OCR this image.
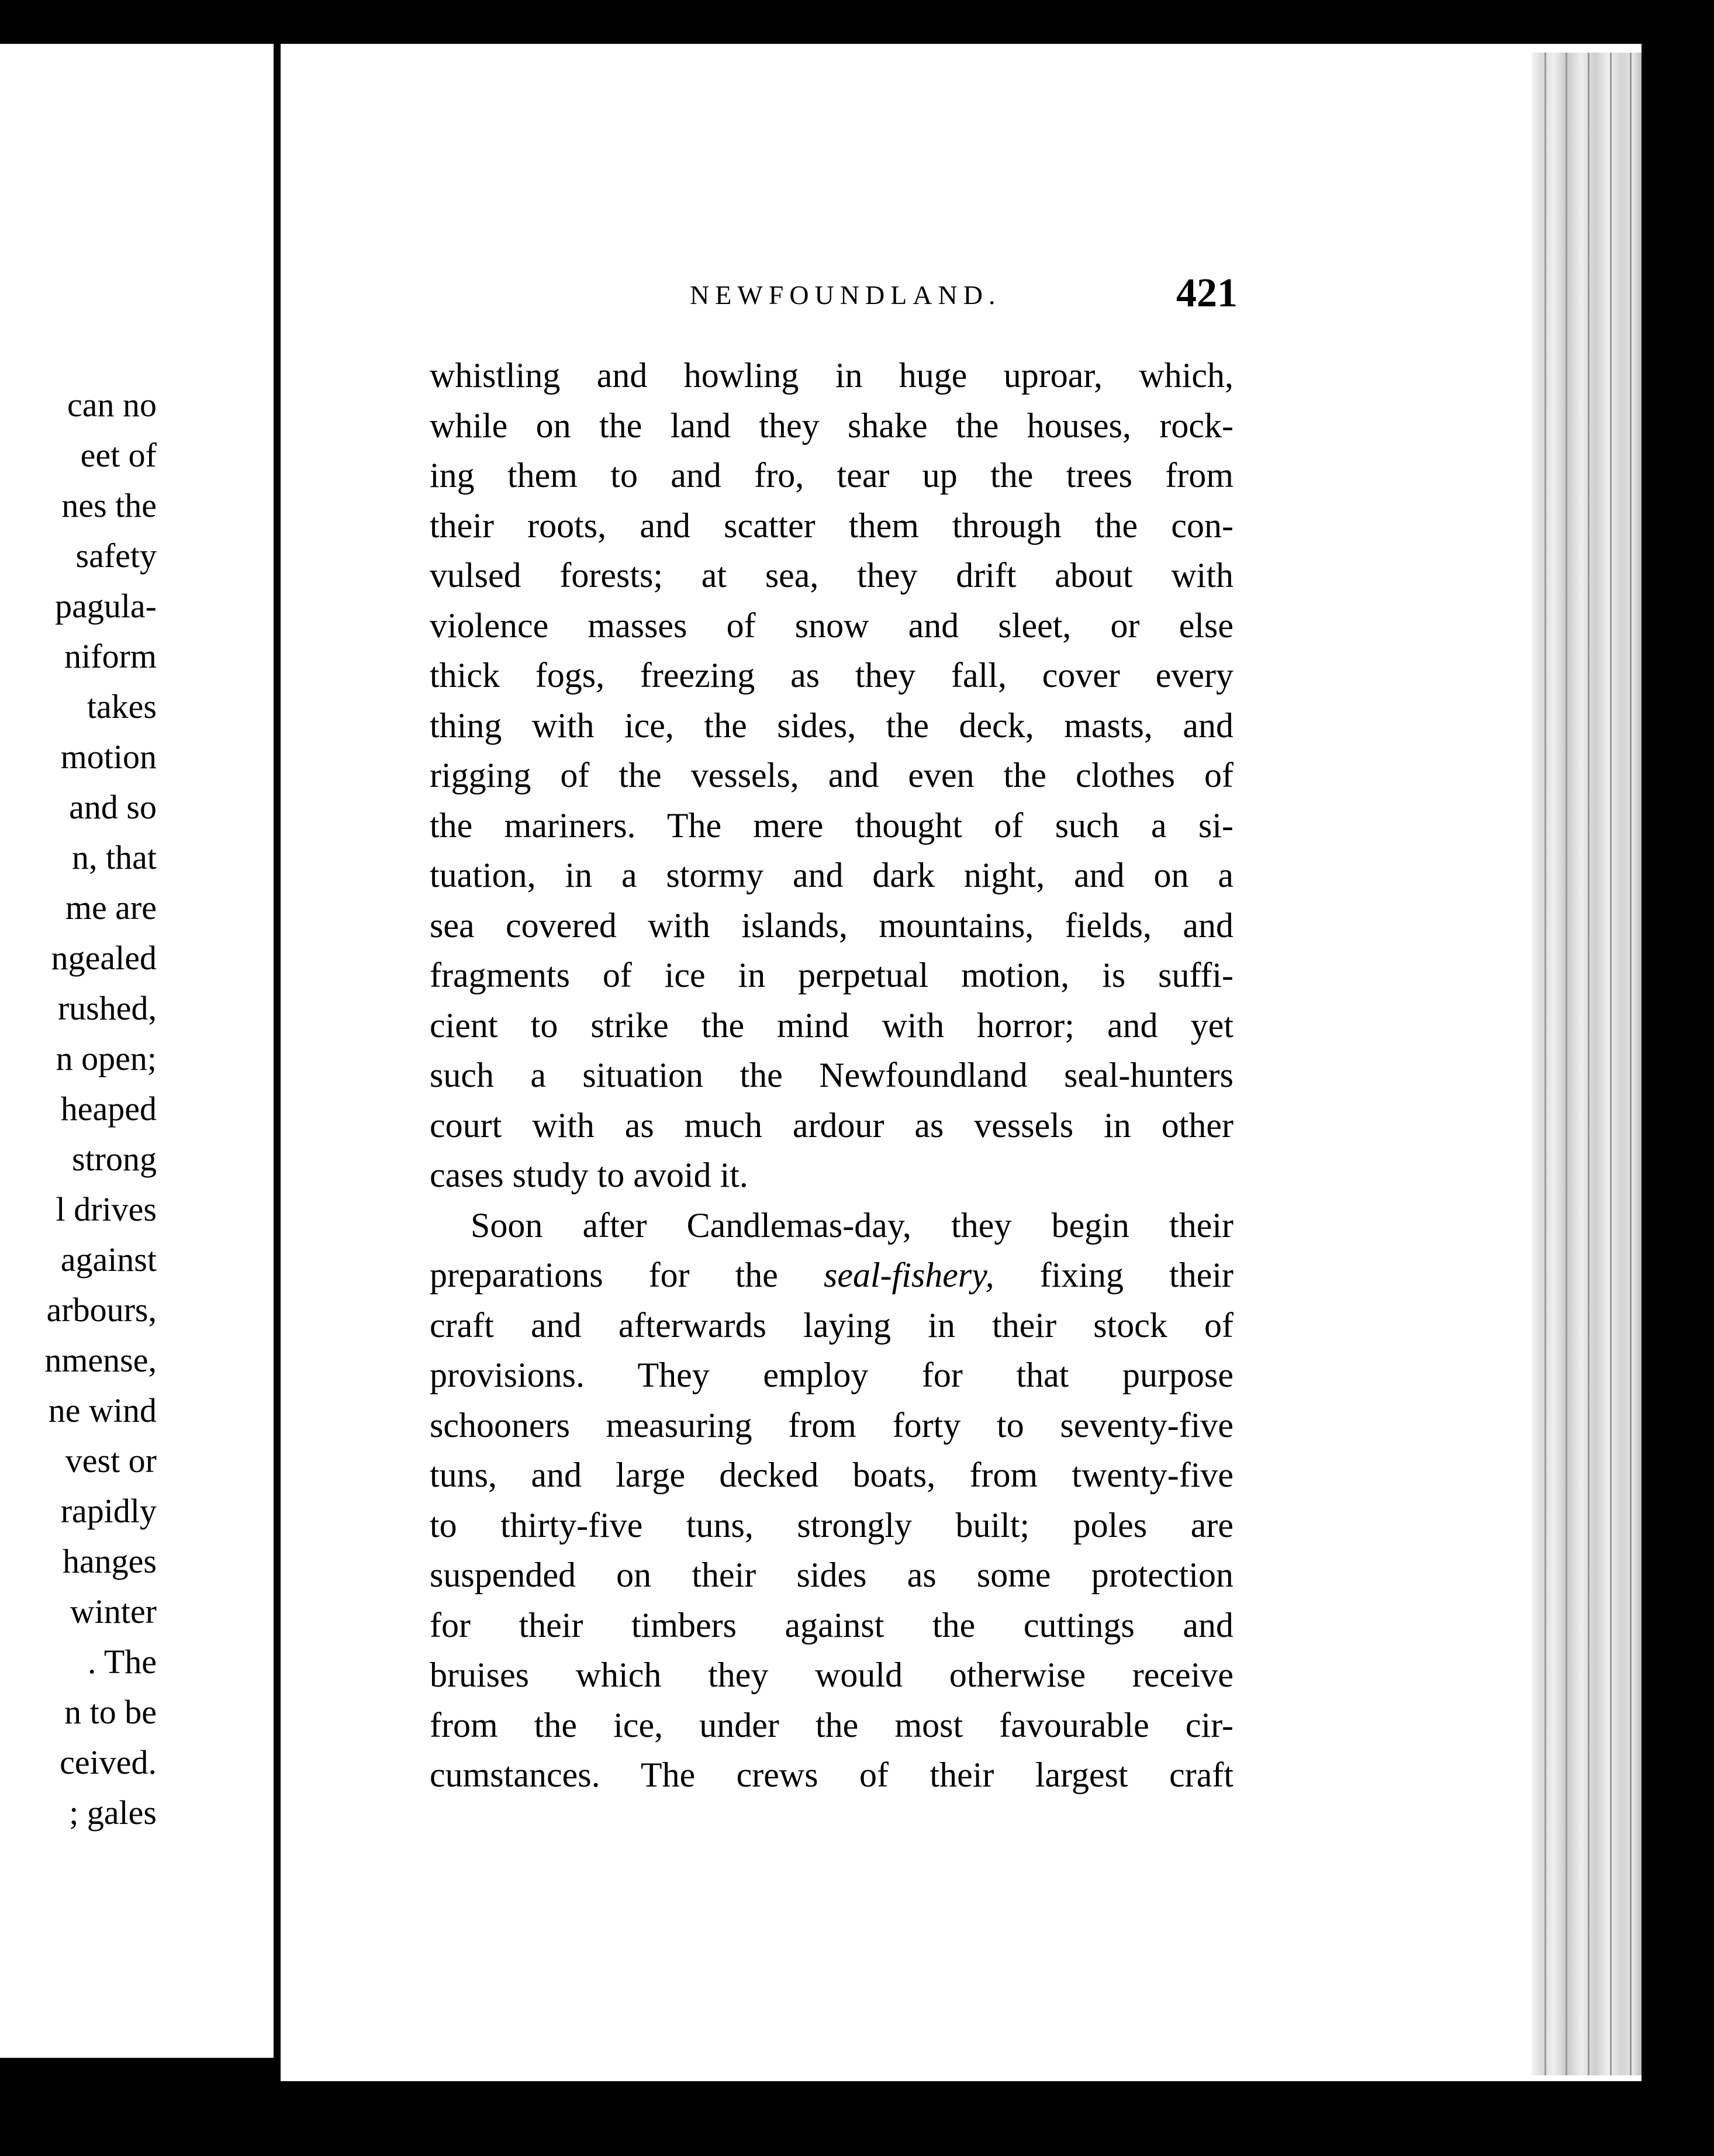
can no
eet of
nes the
safety
pagula-
niform
takes
motion
and so
n, that
me are
ngealed
rushed,
n open;
heaped
strong
l drives
against
arbours,
nmense,
ne wind
vest or
rapidly
hanges
winter
. The
n to be
ceived.
; gales
NEWFOUNDLAND.	421
whistling and howling in huge uproar, which,
while on the land they shake the houses, rock-
ing them to and fro, tear up the trees from
their roots, and scatter them through the con-
vulsed forests; at sea, they drift about with
violence masses of snow and sleet, or else
thick fogs, freezing as they fall, cover every
thing with ice, the sides, the deck, masts, and
rigging of the vessels, and even the clothes of
the mariners. The mere thought of such a si-
tuation, in a stormy and dark night, and on a
sea covered with islands, mountains, fields, and
fragments of ice in perpetual motion, is suffi-
cient to strike the mind with horror; and yet
such a situation the Newfoundland seal-hunters
court with as much ardour as vessels in other
cases study to avoid it.
Soon after Candlemas-day, they begin their
preparations for the seal-fishery, fixing their
craft and afterwards laying in their stock of
provisions. They employ for that purpose
schooners measuring from forty to seventy-five
tuns, and large decked boats, from twenty-five
to thirty-five tuns, strongly built; poles are
suspended on their sides as some protection
for their timbers against the cuttings and
bruises which they would otherwise receive
from the ice, under the most favourable cir-
cumstances. The crews of their largest craft
